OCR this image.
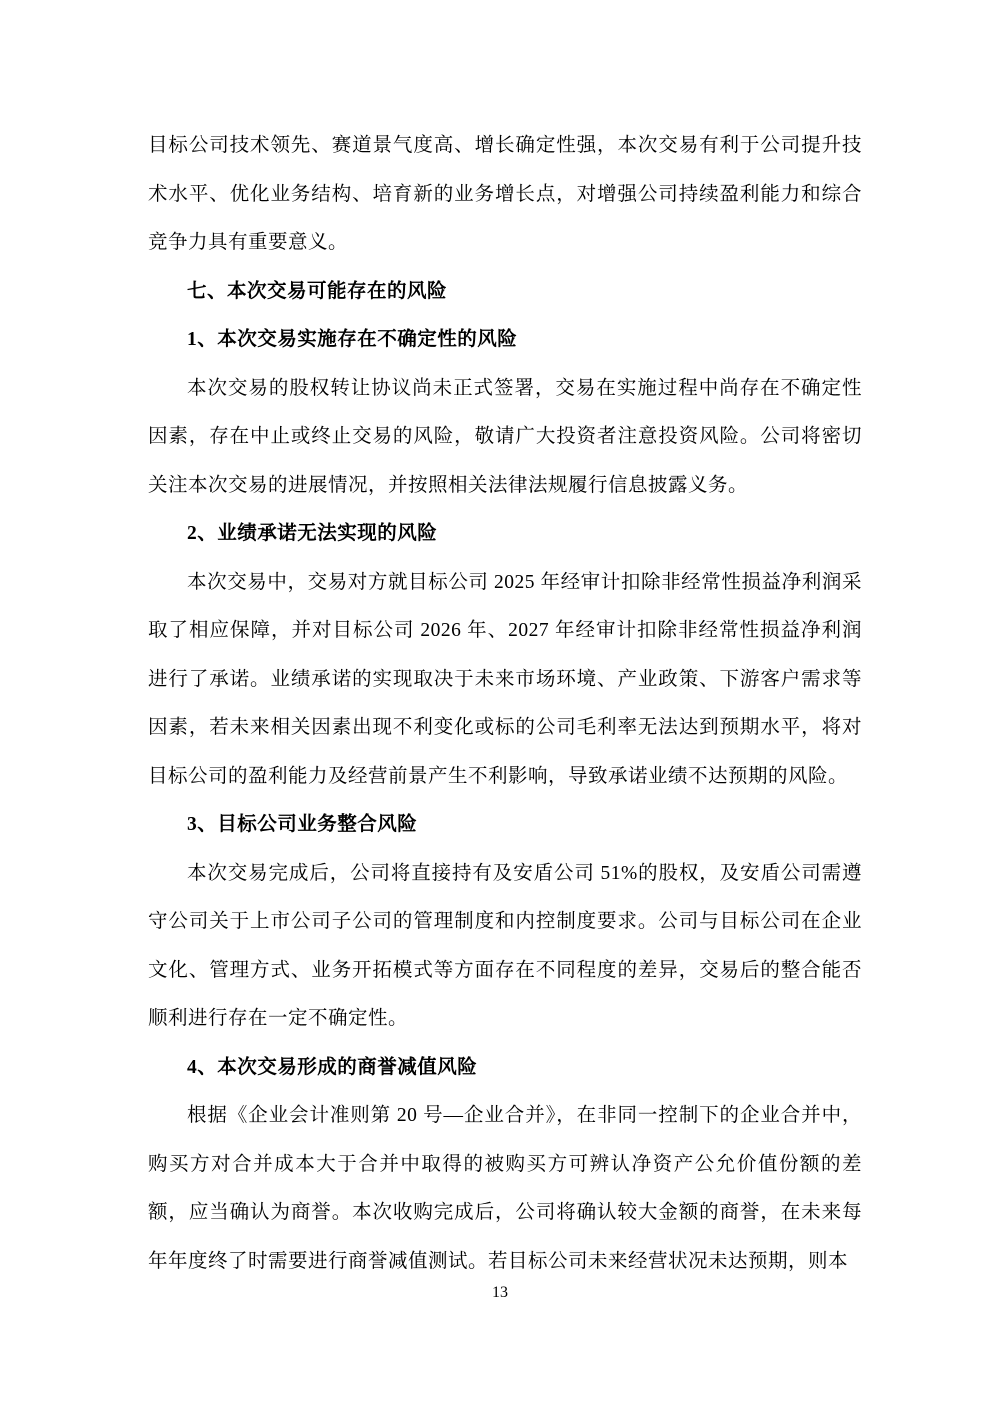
目标公司技术领先、赛道景气度高、增长确定性强，本次交易有利于公司提升技术水平、优化业务结构、培育新的业务增长点，对增强公司持续盈利能力和综合竞争力具有重要意义。

七、本次交易可能存在的风险

1、本次交易实施存在不确定性的风险

本次交易的股权转让协议尚未正式签署，交易在实施过程中尚存在不确定性因素，存在中止或终止交易的风险，敬请广大投资者注意投资风险。公司将密切关注本次交易的进展情况，并按照相关法律法规履行信息披露义务。

2、业绩承诺无法实现的风险

本次交易中，交易对方就目标公司 2025 年经审计扣除非经常性损益净利润采取了相应保障，并对目标公司 2026 年、2027 年经审计扣除非经常性损益净利润进行了承诺。业绩承诺的实现取决于未来市场环境、产业政策、下游客户需求等因素，若未来相关因素出现不利变化或标的公司毛利率无法达到预期水平，将对目标公司的盈利能力及经营前景产生不利影响，导致承诺业绩不达预期的风险。

3、目标公司业务整合风险

本次交易完成后，公司将直接持有及安盾公司 51%的股权，及安盾公司需遵守公司关于上市公司子公司的管理制度和内控制度要求。公司与目标公司在企业文化、管理方式、业务开拓模式等方面存在不同程度的差异，交易后的整合能否顺利进行存在一定不确定性。

4、本次交易形成的商誉减值风险

根据《企业会计准则第 20 号—企业合并》，在非同一控制下的企业合并中，购买方对合并成本大于合并中取得的被购买方可辨认净资产公允价值份额的差额，应当确认为商誉。本次收购完成后，公司将确认较大金额的商誉，在未来每年年度终了时需要进行商誉减值测试。若目标公司未来经营状况未达预期，则本

13
